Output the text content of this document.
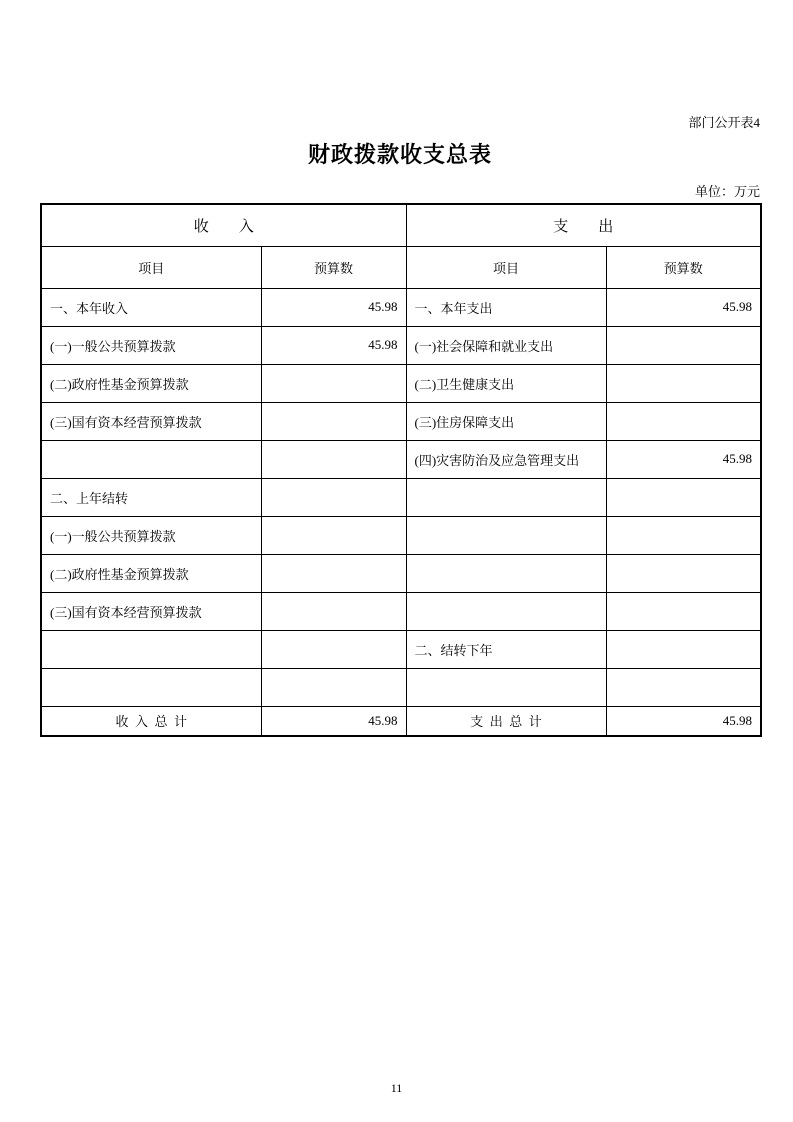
部门公开表4
财政拨款收支总表
单位：万元
收　　入		支　　出	
项目	预算数	项目	预算数
一、本年收入	45.98	一、本年支出	45.98
(一)一般公共预算拨款	45.98	(一)社会保障和就业支出	
(二)政府性基金预算拨款		(二)卫生健康支出	
(三)国有资本经营预算拨款		(三)住房保障支出	
		(四)灾害防治及应急管理支出	45.98
二、上年结转			
(一)一般公共预算拨款			
(二)政府性基金预算拨款			
(三)国有资本经营预算拨款			
		二、结转下年	

收 入 总 计	45.98	支 出 总 计	45.98
11
